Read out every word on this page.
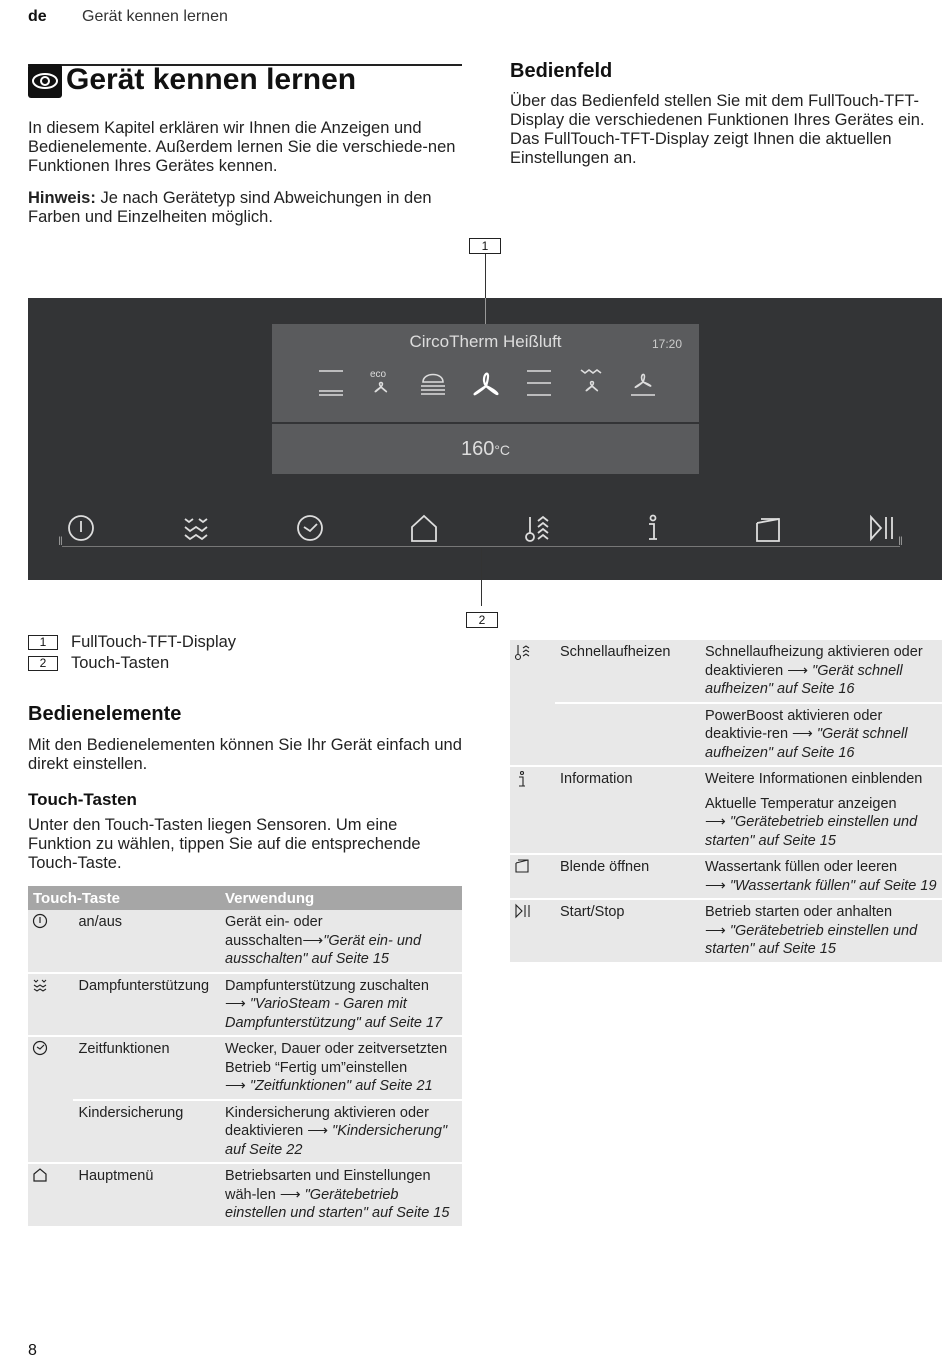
de Gerät kennen lernen
Gerät kennen lernen
In diesem Kapitel erklären wir Ihnen die Anzeigen und Bedienelemente. Außerdem lernen Sie die verschiede-nen Funktionen Ihres Gerätes kennen.
Hinweis: Je nach Gerätetyp sind Abweichungen in den Farben und Einzelheiten möglich.
Bedienfeld
Über das Bedienfeld stellen Sie mit dem FullTouch-TFT-Display die verschiedenen Funktionen Ihres Gerätes ein. Das FullTouch-TFT-Display zeigt Ihnen die aktuellen Einstellungen an.
1
CircoTherm Heißluft	17:20
160°C
eco
‖	‖
2
1	FullTouch-TFT-Display
2	Touch-Tasten
Bedienelemente
Mit den Bedienelementen können Sie Ihr Gerät einfach und direkt einstellen.
Touch-Tasten
Unter den Touch-Tasten liegen Sensoren. Um eine Funktion zu wählen, tippen Sie auf die entsprechende Touch-Taste.
Touch-Taste		Verwendung

	an/aus	Gerät ein- oder ausschalten⟶"Gerät ein- und ausschalten" auf Seite 15

	Dampfunterstützung	Dampfunterstützung zuschalten
⟶ "VarioSteam - Garen mit Dampfunterstützung" auf Seite 17

	Zeitfunktionen	Wecker, Dauer oder zeitversetzten Betrieb “Fertig um”einstellen
⟶ "Zeitfunktionen" auf Seite 21
	Kindersicherung	Kindersicherung aktivieren oder deaktivieren ⟶ "Kindersicherung" auf Seite 22

	Hauptmenü	Betriebsarten und Einstellungen wäh-len ⟶ "Gerätebetrieb einstellen und starten" auf Seite 15
	Schnellaufheizen	Schnellaufheizung aktivieren oder deaktivieren ⟶ "Gerät schnell aufheizen" auf Seite 16
		PowerBoost aktivieren oder deaktivie-ren ⟶ "Gerät schnell aufheizen" auf Seite 16

	Information	Weitere Informationen einblenden
		Aktuelle Temperatur anzeigen
⟶ "Gerätebetrieb einstellen und starten" auf Seite 15

	Blende öffnen	Wassertank füllen oder leeren
⟶ "Wassertank füllen" auf Seite 19

	Start/Stop	Betrieb starten oder anhalten
⟶ "Gerätebetrieb einstellen und starten" auf Seite 15
8
